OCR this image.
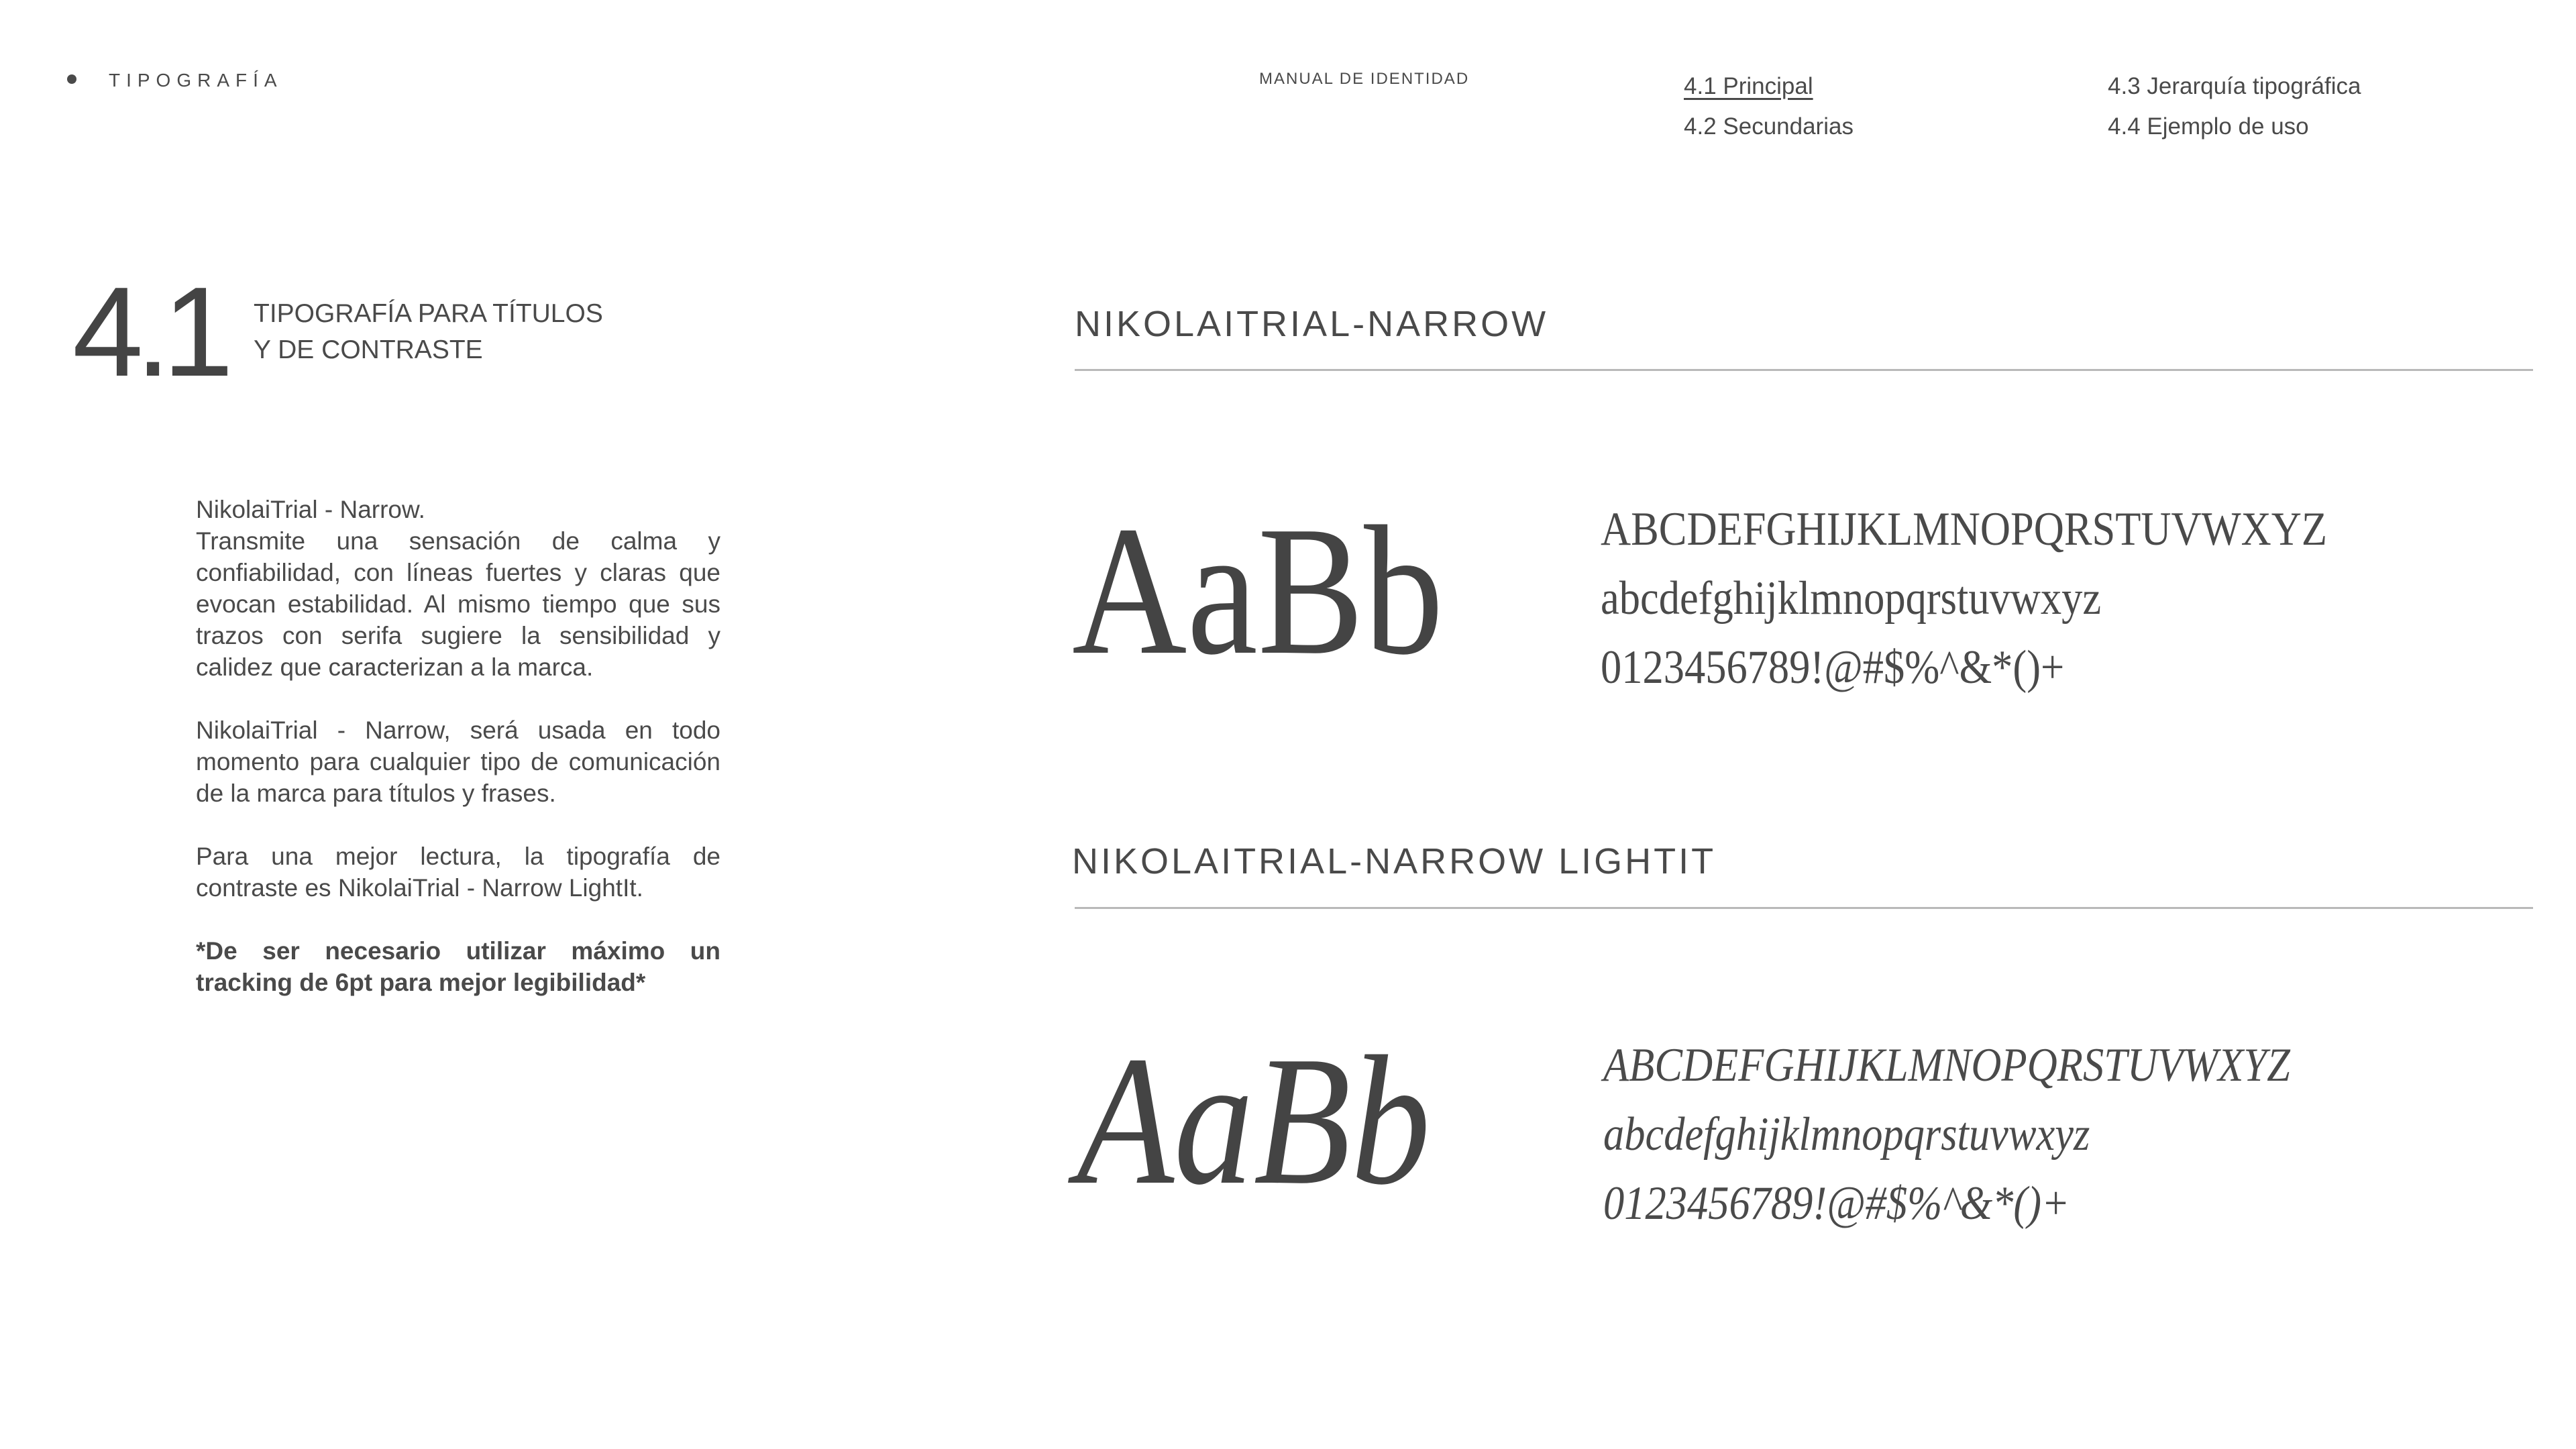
TIPOGRAFÍA	MANUAL DE IDENTIDAD	4.1 Principal
4.2 Secundarias
4.3 Jerarquía tipográfica
4.4 Ejemplo de uso
4.1 TIPOGRAFÍA PARA TÍTULOS
Y DE CONTRASTE

NikolaiTrial - Narrow.
Transmite una sensación de calma y confiabilidad, con líneas fuertes y claras que evocan estabilidad. Al mismo tiempo que sus trazos con serifa sugiere la sensibilidad y calidez que caracterizan a la marca.

NikolaiTrial - Narrow, será usada en todo momento para cualquier tipo de comunicación de la marca para títulos y frases.

Para una mejor lectura, la tipografía de contraste es NikolaiTrial - Narrow LightIt.

*De ser necesario utilizar máximo un tracking de 6pt para mejor legibilidad*

NIKOLAITRIAL-NARROW
AaBb	ABCDEFGHIJKLMNOPQRSTUVWXYZ
abcdefghijklmnopqrstuvwxyz
0123456789!@#$%^&*()+
NIKOLAITRIAL-NARROW LIGHTIT
AaBb	ABCDEFGHIJKLMNOPQRSTUVWXYZ
abcdefghijklmnopqrstuvwxyz
0123456789!@#$%^&*()+
